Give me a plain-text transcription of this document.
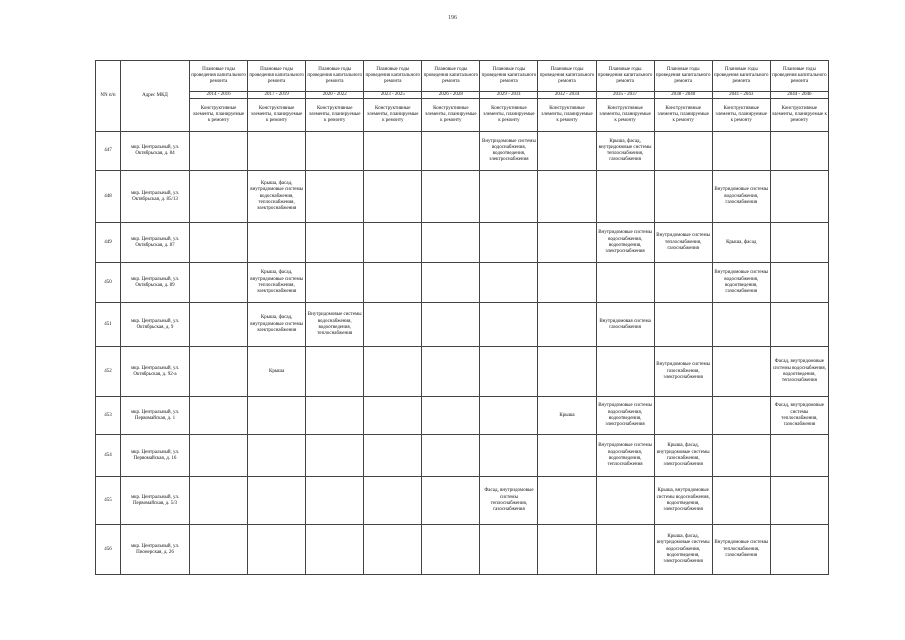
196
NN п/п	Адрес МКД	Плановые годы проведения капитального ремонта	Плановые годы проведения капитального ремонта	Плановые годы проведения капитального ремонта	Плановые годы проведения капитального ремонта	Плановые годы проведения капитального ремонта	Плановые годы проведения капитального ремонта	Плановые годы проведения капитального ремонта	Плановые годы проведения капитального ремонта	Плановые годы проведения капитального ремонта	Плановые годы проведения капитального ремонта	Плановые годы проведения капитального ремонта
		2014 - 2016	2017 - 2019	2020 - 2022	2023 - 2025	2026 - 2028	2029 - 2031	2032 - 2034	2035 - 2037	2038 - 2040	2041 - 2043	2044 - 2046
		Конструктивные элементы, планируемые к ремонту	Конструктивные элементы, планируемые к ремонту	Конструктивные элементы, планируемые к ремонту	Конструктивные элементы, планируемые к ремонту	Конструктивные элементы, планируемые к ремонту	Конструктивные элементы, планируемые к ремонту	Конструктивные элементы, планируемые к ремонту	Конструктивные элементы, планируемые к ремонту	Конструктивные элементы, планируемые к ремонту	Конструктивные элементы, планируемые к ремонту	Конструктивные элементы, планируемые к ремонту
447	мкр. Центральный, ул. Октябрьская, д. 84						Внутридомовые системы водоснабжения, водоотведения, электроснабжения		Крыша, фасад, внутридомовые системы теплоснабжения, газоснабжения			
448	мкр. Центральный, ул. Октябрьская, д. 85/13		Крыша, фасад, внутридомовые системы водоснабжения, теплоснабжения, электроснабжения								Внутридомовые системы водоснабжения, газоснабжения	
449	мкр. Центральный, ул. Октябрьская, д. 87								Внутридомовые системы водоснабжения, водоотведения, электроснабжения	Внутридомовые системы теплоснабжения, газоснабжения	Крыша, фасад	
450	мкр. Центральный, ул. Октябрьская, д. 89		Крыша, фасад, внутридомовые системы теплоснабжения, электроснабжения								Внутридомовые системы водоснабжения, водоотведения, газоснабжения	
451	мкр. Центральный, ул. Октябрьская, д. 9		Крыша, фасад, внутридомовые системы электроснабжения	Внутридомовые системы водоснабжения, водоотведения, теплоснабжения					Внутридомовая система газоснабжения			
452	мкр. Центральный, ул. Октябрьская, д. 92-а		Крыша							Внутридомовые системы газоснабжения, электроснабжения		Фасад, внутридомовые системы водоснабжения, водоотведения, теплоснабжения
453	мкр. Центральный, ул. Первомайская, д. 1							Крыша	Внутридомовые системы водоснабжения, водоотведения, электроснабжения			Фасад, внутридомовые системы теплоснабжения, газоснабжения
454	мкр. Центральный, ул. Первомайская, д. 16								Внутридомовые системы водоснабжения, водоотведения, теплоснабжения	Крыша, фасад, внутридомовые системы газоснабжения, электроснабжения		
455	мкр. Центральный, ул. Первомайская, д. 5/3						Фасад, внутридомовые системы теплоснабжения, газоснабжения			Крыша, внутридомовые системы водоснабжения, водоотведения, электроснабжения		
456	мкр. Центральный, ул. Пионерская, д. 26									Крыша, фасад, внутридомовые системы водоснабжения, водоотведения, электроснабжения	Внутридомовые системы теплоснабжения, газоснабжения	
